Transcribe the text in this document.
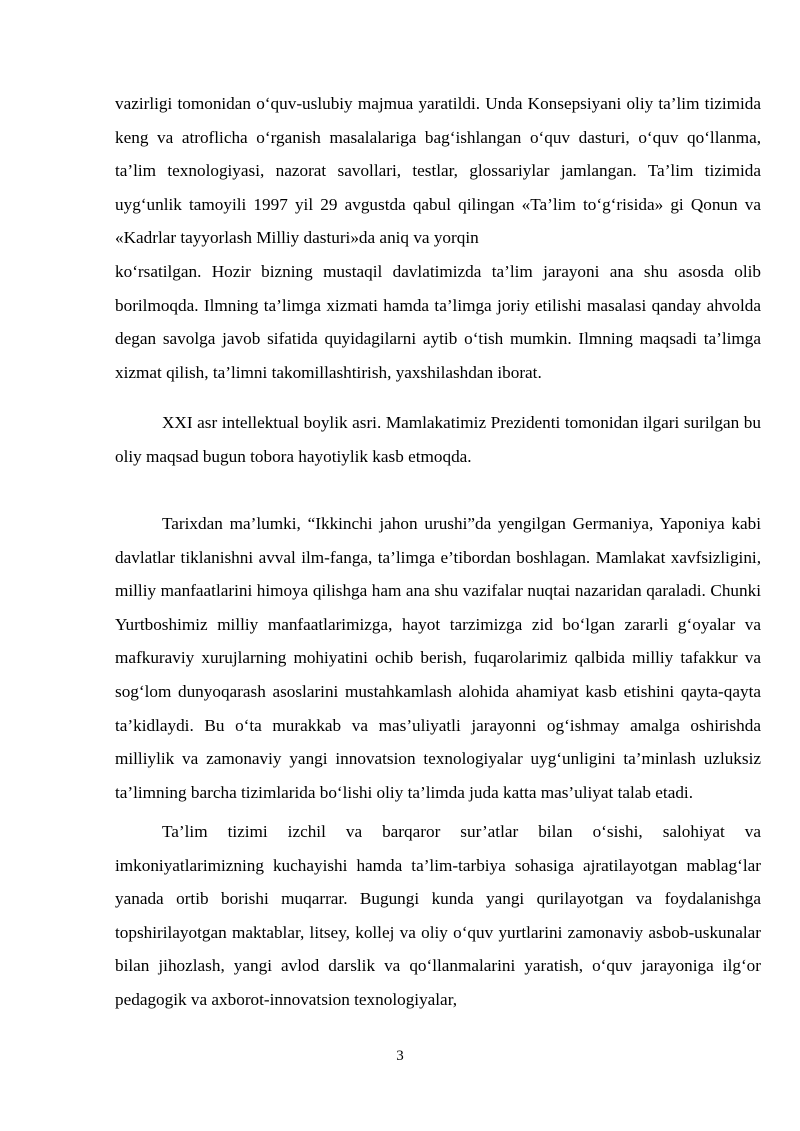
vazirligi tomonidan o‘quv-uslubiy majmua yaratildi. Unda Konsepsiyani oliy ta’lim tizimida keng va atroflicha o‘rganish masalalariga bag‘ishlangan o‘quv dasturi, o‘quv qo‘llanma, ta’lim texnologiyasi, nazorat savollari, testlar, glossariylar jamlangan. Ta’lim tizimida uyg‘unlik tamoyili 1997 yil 29 avgustda qabul qilingan «Ta’lim to‘g‘risida» gi Qonun va «Kadrlar tayyorlash Milliy dasturi»da aniq va yorqin

ko‘rsatilgan. Hozir bizning mustaqil davlatimizda ta’lim jarayoni ana shu asosda olib borilmoqda. Ilmning ta’limga xizmati hamda ta’limga joriy etilishi masalasi qanday ahvolda degan savolga javob sifatida quyidagilarni aytib o‘tish mumkin. Ilmning maqsadi ta’limga xizmat qilish, ta’limni takomillashtirish, yaxshilashdan iborat.

XXI asr intellektual boylik asri. Mamlakatimiz Prezidenti tomonidan ilgari surilgan bu oliy maqsad bugun tobora hayotiylik kasb etmoqda.

Tarixdan ma’lumki, “Ikkinchi jahon urushi”da yengilgan Germaniya, Yaponiya kabi davlatlar tiklanishni avval ilm-fanga, ta’limga e’tibordan boshlagan. Mamlakat xavfsizligini, milliy manfaatlarini himoya qilishga ham ana shu vazifalar nuqtai nazaridan qaraladi. Chunki Yurtboshimiz milliy manfaatlarimizga, hayot tarzimizga zid bo‘lgan zararli g‘oyalar va mafkuraviy xurujlarning mohiyatini ochib berish, fuqarolarimiz qalbida milliy tafakkur va sog‘lom dunyoqarash asoslarini mustahkamlash alohida ahamiyat kasb etishini qayta-qayta ta’kidlaydi. Bu o‘ta murakkab va mas’uliyatli jarayonni og‘ishmay amalga oshirishda milliylik va zamonaviy yangi innovatsion texnologiyalar uyg‘unligini ta’minlash uzluksiz ta’limning barcha tizimlarida bo‘lishi oliy ta’limda juda katta mas’uliyat talab etadi.

Ta’lim tizimi izchil va barqaror sur’atlar bilan o‘sishi, salohiyat va imkoniyatlarimizning kuchayishi hamda ta’lim-tarbiya sohasiga ajratilayotgan mablag‘lar yanada ortib borishi muqarrar. Bugungi kunda yangi qurilayotgan va foydalanishga topshirilayotgan maktablar, litsey, kollej va oliy o‘quv yurtlarini zamonaviy asbob-uskunalar bilan jihozlash, yangi avlod darslik va qo‘llanmalarini yaratish, o‘quv jarayoniga ilg‘or pedagogik va axborot-innovatsion texnologiyalar,

3
